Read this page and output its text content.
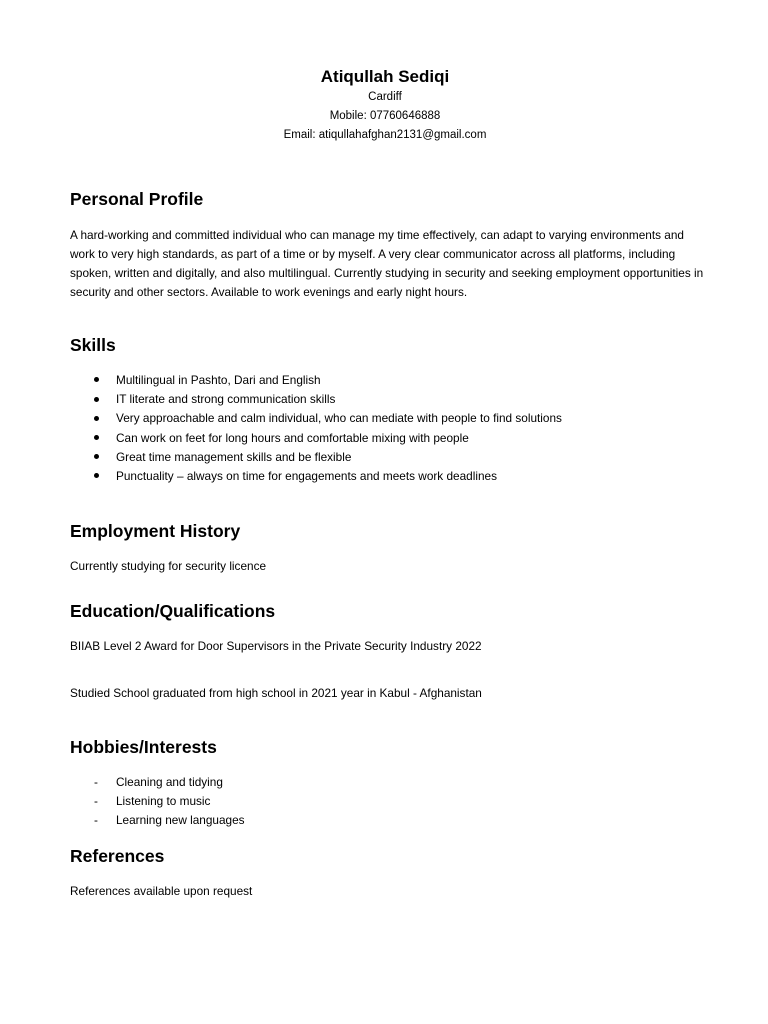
Atiqullah Sediqi
Cardiff
Mobile: 07760646888
Email: atiqullahafghan2131@gmail.com
Personal Profile

A hard-working and committed individual who can manage my time effectively, can adapt to varying environments and work to very high standards, as part of a time or by myself. A very clear communicator across all platforms, including spoken, written and digitally, and also multilingual. Currently studying in security and seeking employment opportunities in security and other sectors. Available to work evenings and early night hours.

Skills
Multilingual in Pashto, Dari and English
IT literate and strong communication skills
Very approachable and calm individual, who can mediate with people to find solutions
Can work on feet for long hours and comfortable mixing with people
Great time management skills and be flexible
Punctuality – always on time for engagements and meets work deadlines
Employment History

Currently studying for security licence

Education/Qualifications

BIIAB Level 2 Award for Door Supervisors in the Private Security Industry 2022

Studied School graduated from high school in 2021 year in Kabul - Afghanistan

Hobbies/Interests
-	Cleaning and tidying
-	Listening to music
-	Learning new languages
References

References available upon request
